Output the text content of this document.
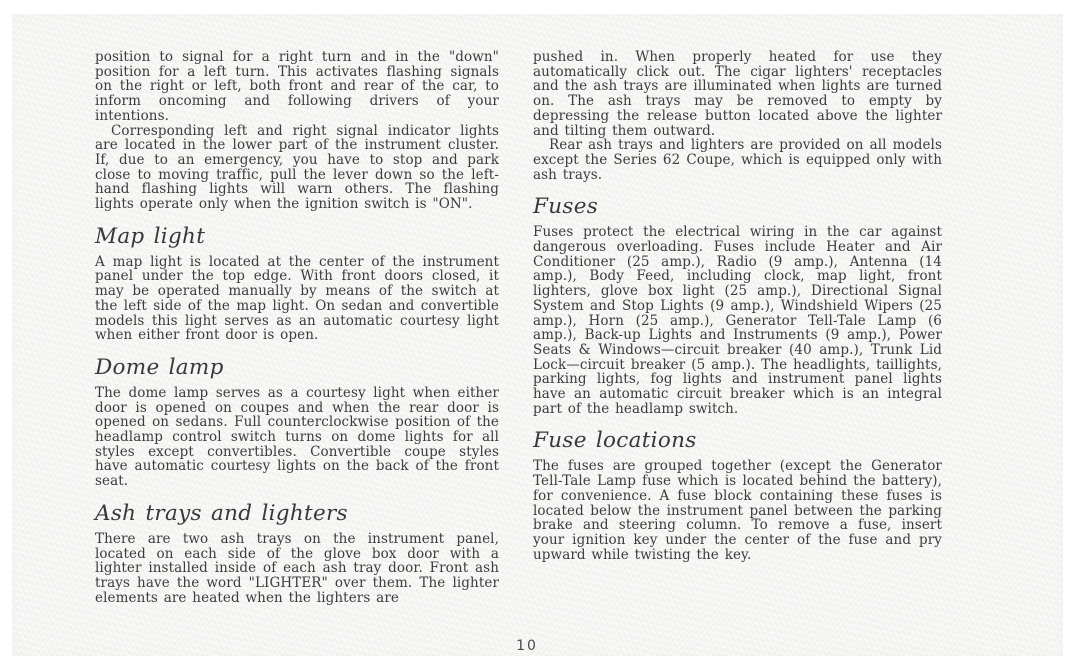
position to signal for a right turn and in the "down" position for a left turn. This activates flashing signals on the right or left, both front and rear of the car, to inform oncoming and following drivers of your intentions.

Corresponding left and right signal indicator lights are located in the lower part of the instrument cluster. If, due to an emergency, you have to stop and park close to moving traffic, pull the lever down so the left-hand flashing lights will warn others. The flashing lights operate only when the ignition switch is "ON".

Map light

A map light is located at the center of the instrument panel under the top edge. With front doors closed, it may be operated manually by means of the switch at the left side of the map light. On sedan and convertible models this light serves as an automatic courtesy light when either front door is open.

Dome lamp

The dome lamp serves as a courtesy light when either door is opened on coupes and when the rear door is opened on sedans. Full counterclockwise position of the headlamp control switch turns on dome lights for all styles except convertibles. Convertible coupe styles have automatic courtesy lights on the back of the front seat.

Ash trays and lighters

There are two ash trays on the instrument panel, located on each side of the glove box door with a lighter installed inside of each ash tray door. Front ash trays have the word "LIGHTER" over them. The lighter elements are heated when the lighters are

pushed in. When properly heated for use they automatically click out. The cigar lighters' receptacles and the ash trays are illuminated when lights are turned on. The ash trays may be removed to empty by depressing the release button located above the lighter and tilting them outward.

Rear ash trays and lighters are provided on all models except the Series 62 Coupe, which is equipped only with ash trays.

Fuses

Fuses protect the electrical wiring in the car against dangerous overloading. Fuses include Heater and Air Conditioner (25 amp.), Radio (9 amp.), Antenna (14 amp.), Body Feed, including clock, map light, front lighters, glove box light (25 amp.), Directional Signal System and Stop Lights (9 amp.), Windshield Wipers (25 amp.), Horn (25 amp.), Generator Tell-Tale Lamp (6 amp.), Back-up Lights and Instruments (9 amp.), Power Seats & Windows—circuit breaker (40 amp.), Trunk Lid Lock—circuit breaker (5 amp.). The headlights, taillights, parking lights, fog lights and instrument panel lights have an automatic circuit breaker which is an integral part of the headlamp switch.

Fuse locations

The fuses are grouped together (except the Generator Tell-Tale Lamp fuse which is located behind the battery), for convenience. A fuse block containing these fuses is located below the instrument panel between the parking brake and steering column. To remove a fuse, insert your ignition key under the center of the fuse and pry upward while twisting the key.

10
